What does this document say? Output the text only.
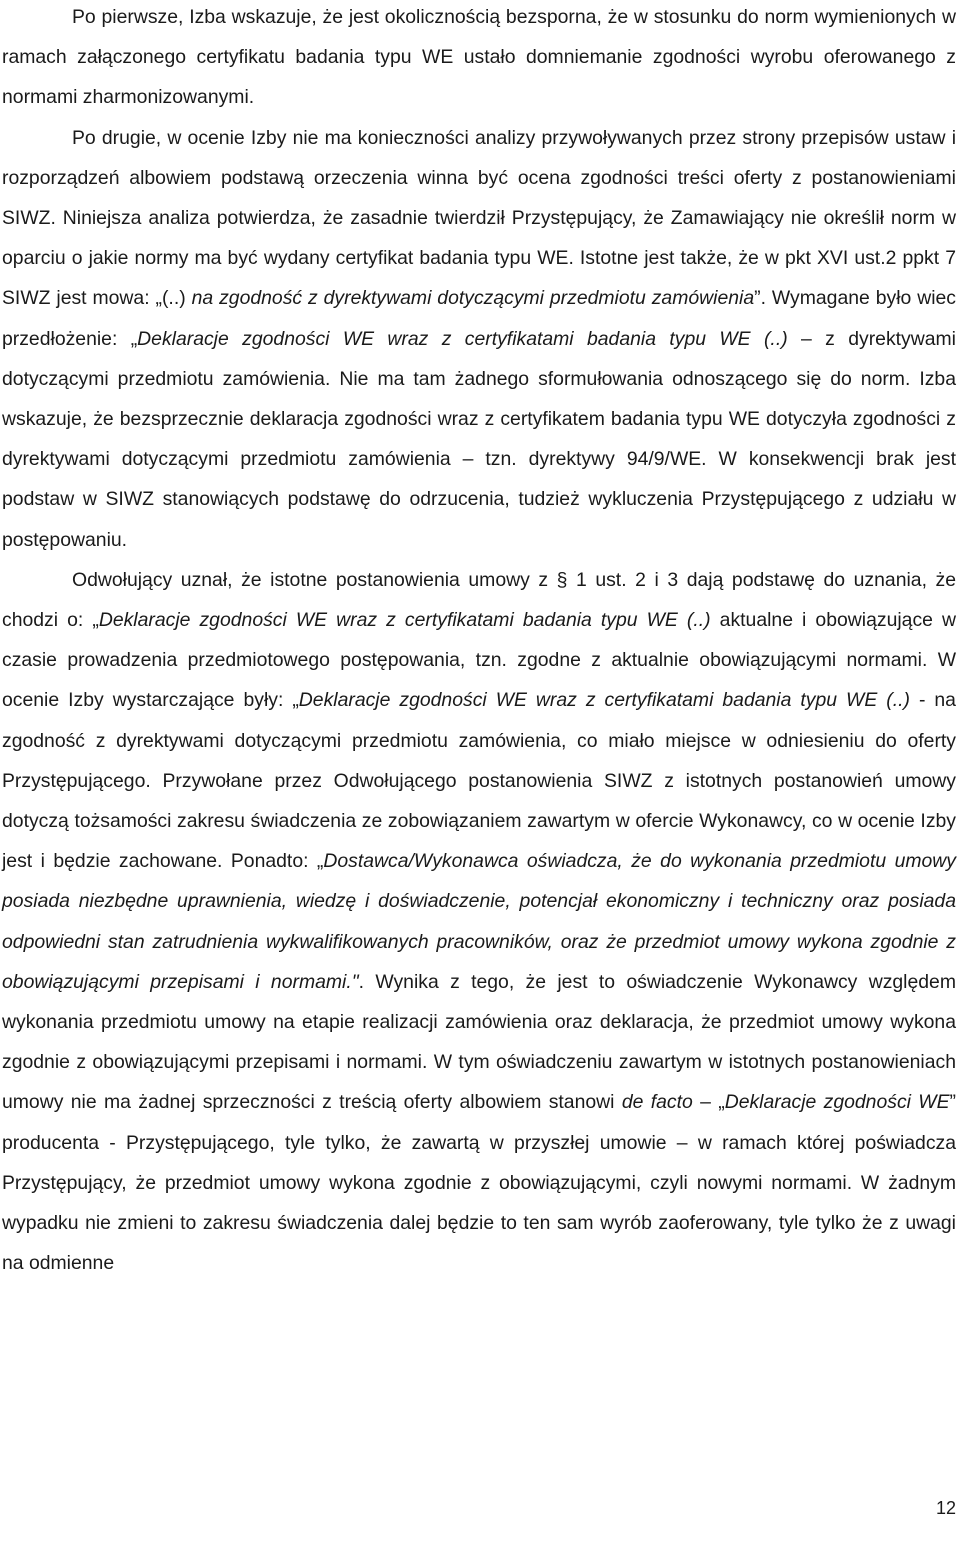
Po pierwsze, Izba wskazuje, że jest okolicznością bezsporna, że w stosunku do norm wymienionych w ramach załączonego certyfikatu badania typu WE ustało domniemanie zgodności wyrobu oferowanego z normami zharmonizowanymi.

Po drugie, w ocenie Izby nie ma konieczności analizy przywoływanych przez strony przepisów ustaw i rozporządzeń albowiem podstawą orzeczenia winna być ocena zgodności treści oferty z postanowieniami SIWZ. Niniejsza analiza potwierdza, że zasadnie twierdził Przystępujący, że Zamawiający nie określił norm w oparciu o jakie normy ma być wydany certyfikat badania typu WE. Istotne jest także, że w pkt XVI ust.2 ppkt 7 SIWZ jest mowa: „(..) na zgodność z dyrektywami dotyczącymi przedmiotu zamówienia”. Wymagane było wiec przedłożenie: „Deklaracje zgodności WE wraz z certyfikatami badania typu WE (..) – z dyrektywami dotyczącymi przedmiotu zamówienia. Nie ma tam żadnego sformułowania odnoszącego się do norm. Izba wskazuje, że bezsprzecznie deklaracja zgodności wraz z certyfikatem badania typu WE dotyczyła zgodności z dyrektywami dotyczącymi przedmiotu zamówienia – tzn. dyrektywy 94/9/WE. W konsekwencji brak jest podstaw w SIWZ stanowiących podstawę do odrzucenia, tudzież wykluczenia Przystępującego z udziału w postępowaniu.

Odwołujący uznał, że istotne postanowienia umowy z § 1 ust. 2 i 3 dają podstawę do uznania, że chodzi o: „Deklaracje zgodności WE wraz z certyfikatami badania typu WE (..) aktualne i obowiązujące w czasie prowadzenia przedmiotowego postępowania, tzn. zgodne z aktualnie obowiązującymi normami. W ocenie Izby wystarczające były: „Deklaracje zgodności WE wraz z certyfikatami badania typu WE (..) - na zgodność z dyrektywami dotyczącymi przedmiotu zamówienia, co miało miejsce w odniesieniu do oferty Przystępującego. Przywołane przez Odwołującego postanowienia SIWZ z istotnych postanowień umowy dotyczą tożsamości zakresu świadczenia ze zobowiązaniem zawartym w ofercie Wykonawcy, co w ocenie Izby jest i będzie zachowane. Ponadto: „Dostawca/Wykonawca oświadcza, że do wykonania przedmiotu umowy posiada niezbędne uprawnienia, wiedzę i doświadczenie, potencjał ekonomiczny i techniczny oraz posiada odpowiedni stan zatrudnienia wykwalifikowanych pracowników, oraz że przedmiot umowy wykona zgodnie z obowiązującymi przepisami i normami.". Wynika z tego, że jest to oświadczenie Wykonawcy względem wykonania przedmiotu umowy na etapie realizacji zamówienia oraz deklaracja, że przedmiot umowy wykona zgodnie z obowiązującymi przepisami i normami. W tym oświadczeniu zawartym w istotnych postanowieniach umowy nie ma żadnej sprzeczności z treścią oferty albowiem stanowi de facto – „Deklaracje zgodności WE” producenta - Przystępującego, tyle tylko, że zawartą w przyszłej umowie – w ramach której poświadcza Przystępujący, że przedmiot umowy wykona zgodnie z obowiązującymi, czyli nowymi normami. W żadnym wypadku nie zmieni to zakresu świadczenia dalej będzie to ten sam wyrób zaoferowany, tyle tylko że z uwagi na odmienne

12
